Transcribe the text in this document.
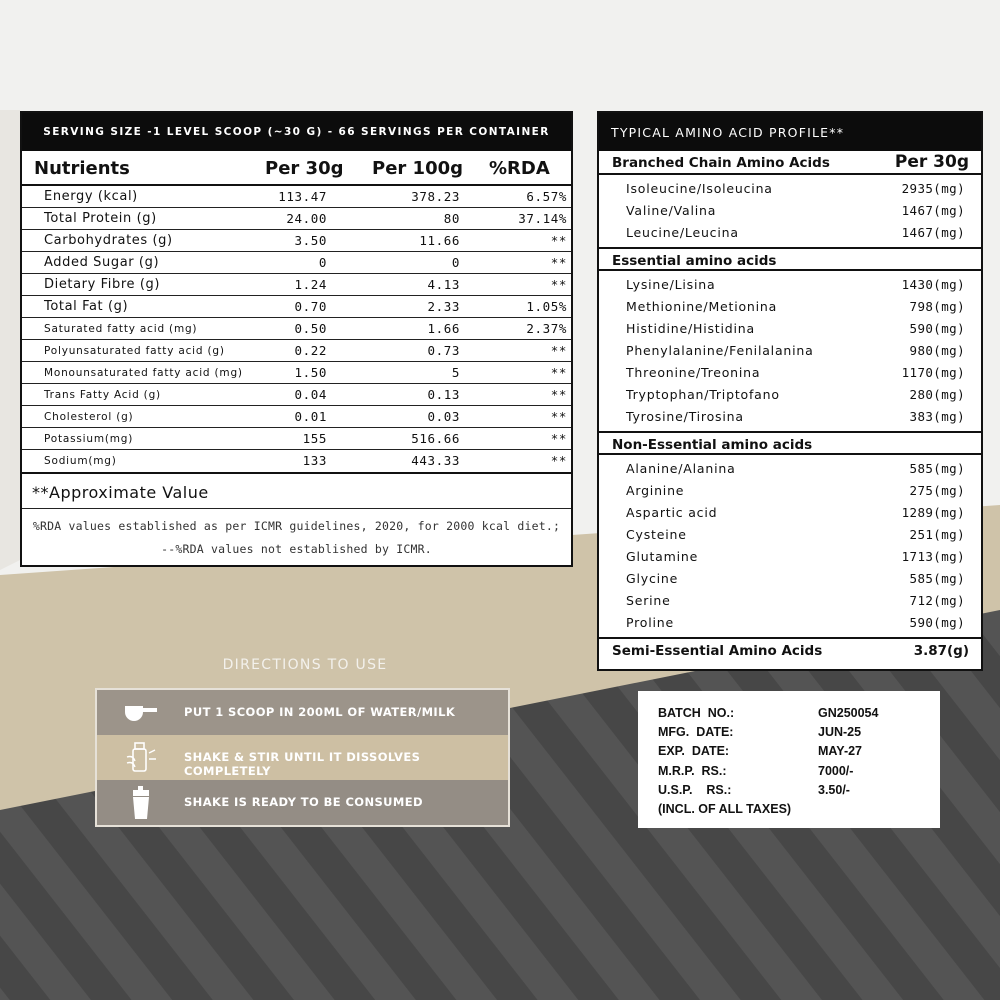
SERVING SIZE -1 LEVEL SCOOP (~30 G) - 66 SERVINGS PER CONTAINER
Nutrients	Per 30g Per 100g %RDA
Energy (kcal)	113.47	378.23	6.57%
Total Protein (g)	24.00	80	37.14%
Carbohydrates (g)	3.50	11.66	**
Added Sugar (g)	0	0	**
Dietary Fibre (g)	1.24	4.13	**
Total Fat (g)	0.70	2.33	1.05%
Saturated fatty acid (mg)	0.50	1.66	2.37%
Polyunsaturated fatty acid (g)	0.22	0.73	**
Monounsaturated fatty acid (mg)	1.50	5	**
Trans Fatty Acid (g)	0.04	0.13	**
Cholesterol (g)	0.01	0.03	**
Potassium(mg)	155	516.66	**
Sodium(mg)	133	443.33	**
**Approximate Value
%RDA values established as per ICMR guidelines, 2020, for 2000 kcal diet.;
--%RDA values not established by ICMR.
TYPICAL AMINO ACID PROFILE**
Branched Chain Amino Acids	Per 30g
Isoleucine/Isoleucina	2935(mg)
Valine/Valina	1467(mg)
Leucine/Leucina	1467(mg)
Essential amino acids
Lysine/Lisina	1430(mg)
Methionine/Metionina	798(mg)
Histidine/Histidina	590(mg)
Phenylalanine/Fenilalanina	980(mg)
Threonine/Treonina	1170(mg)
Tryptophan/Triptofano	280(mg)
Tyrosine/Tirosina	383(mg)
Non-Essential amino acids
Alanine/Alanina	585(mg)
Arginine	275(mg)
Aspartic acid	1289(mg)
Cysteine	251(mg)
Glutamine	1713(mg)
Glycine	585(mg)
Serine	712(mg)
Proline	590(mg)
Semi-Essential Amino Acids	3.87(g)
DIRECTIONS TO USE
PUT 1 SCOOP IN 200ML OF WATER/MILK
SHAKE & STIR UNTIL IT DISSOLVES COMPLETELY
SHAKE IS READY TO BE CONSUMED
BATCH  NO.:	GN250054
MFG.  DATE:	JUN-25
EXP.  DATE:	MAY-27
M.R.P.  RS.:	7000/-
U.S.P.    RS.:	3.50/-
(INCL. OF ALL TAXES)
